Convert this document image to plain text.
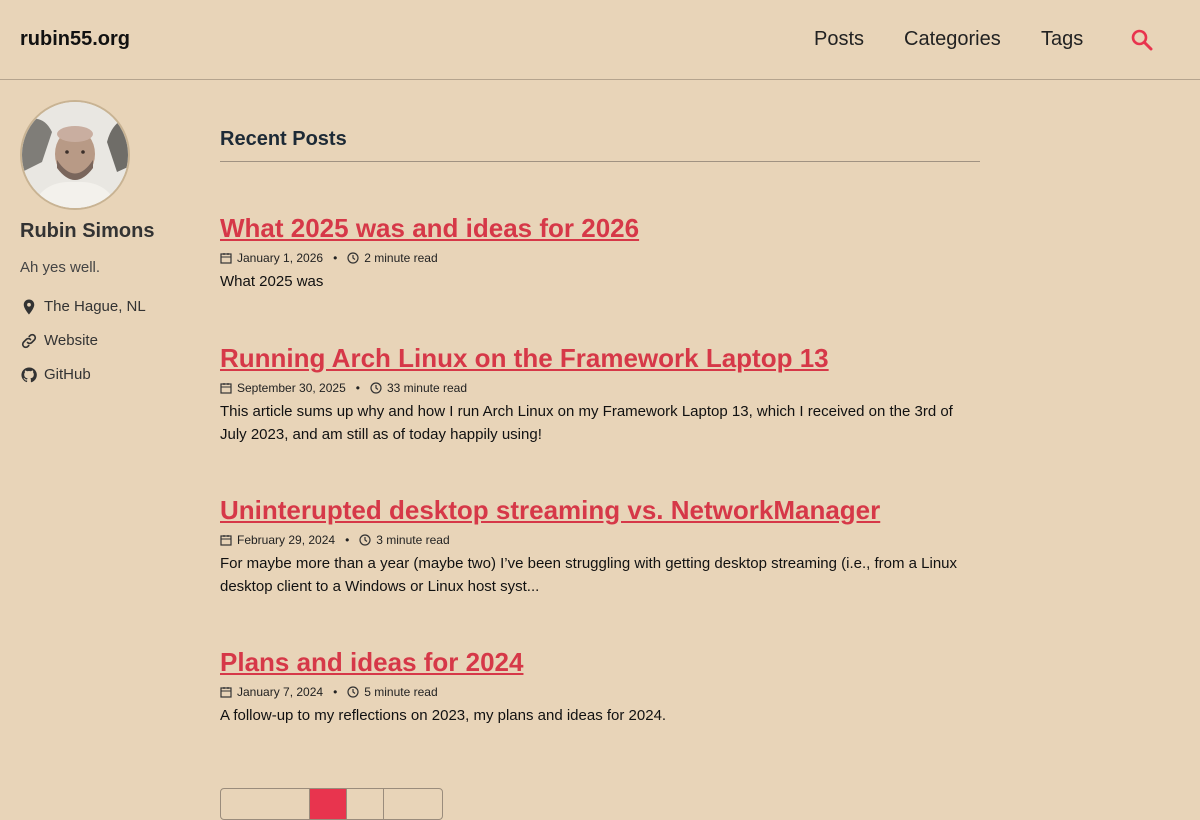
rubin55.org	Posts Categories Tags
Rubin Simons
Ah yes well.
The Hague, NL
Website
GitHub
Recent Posts
What 2025 was and ideas for 2026
January 1, 2026 • 2 minute read
What 2025 was
Running Arch Linux on the Framework Laptop 13
September 30, 2025 • 33 minute read
This article sums up why and how I run Arch Linux on my Framework Laptop 13, which I received on the 3rd of July 2023, and am still as of today happily using!
Uninterupted desktop streaming vs. NetworkManager
February 29, 2024 • 3 minute read
For maybe more than a year (maybe two) I’ve been struggling with getting desktop streaming (i.e., from a Linux desktop client to a Windows or Linux host syst...
Plans and ideas for 2024
January 7, 2024 • 5 minute read
A follow-up to my reflections on 2023, my plans and ideas for 2024.
